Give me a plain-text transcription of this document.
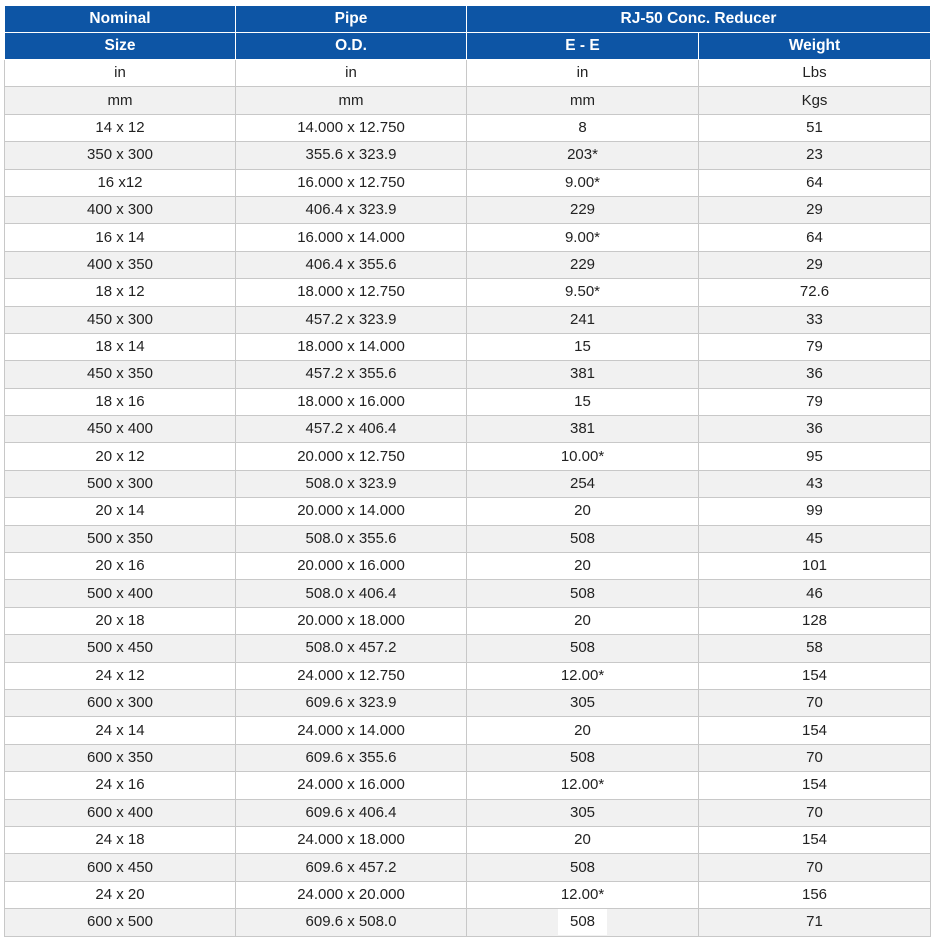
Nominal	Pipe	RJ-50 Conc. Reducer	

Size	O.D.	E - E	Weight
in	in	in	Lbs
mm	mm	mm	Kgs
14 x 12	14.000 x 12.750	8	51
350 x 300	355.6 x 323.9	203*	23
16 x12	16.000 x 12.750	9.00*	64
400 x 300	406.4 x 323.9	229	29
16 x 14	16.000 x 14.000	9.00*	64
400 x 350	406.4 x 355.6	229	29
18 x 12	18.000 x 12.750	9.50*	72.6
450 x 300	457.2 x 323.9	241	33
18 x 14	18.000 x 14.000	15	79
450 x 350	457.2 x 355.6	381	36
18 x 16	18.000 x 16.000	15	79
450 x 400	457.2 x 406.4	381	36
20 x 12	20.000 x 12.750	10.00*	95
500 x 300	508.0 x 323.9	254	43
20 x 14	20.000 x 14.000	20	99
500 x 350	508.0 x 355.6	508	45
20 x 16	20.000 x 16.000	20	101
500 x 400	508.0 x 406.4	508	46
20 x 18	20.000 x 18.000	20	128
500 x 450	508.0 x 457.2	508	58
24 x 12	24.000 x 12.750	12.00*	154
600 x 300	609.6 x 323.9	305	70
24 x 14	24.000 x 14.000	20	154
600 x 350	609.6 x 355.6	508	70
24 x 16	24.000 x 16.000	12.00*	154
600 x 400	609.6 x 406.4	305	70
24 x 18	24.000 x 18.000	20	154
600 x 450	609.6 x 457.2	508	70
24 x 20	24.000 x 20.000	12.00*	156
600 x 500	609.6 x 508.0	508	71
